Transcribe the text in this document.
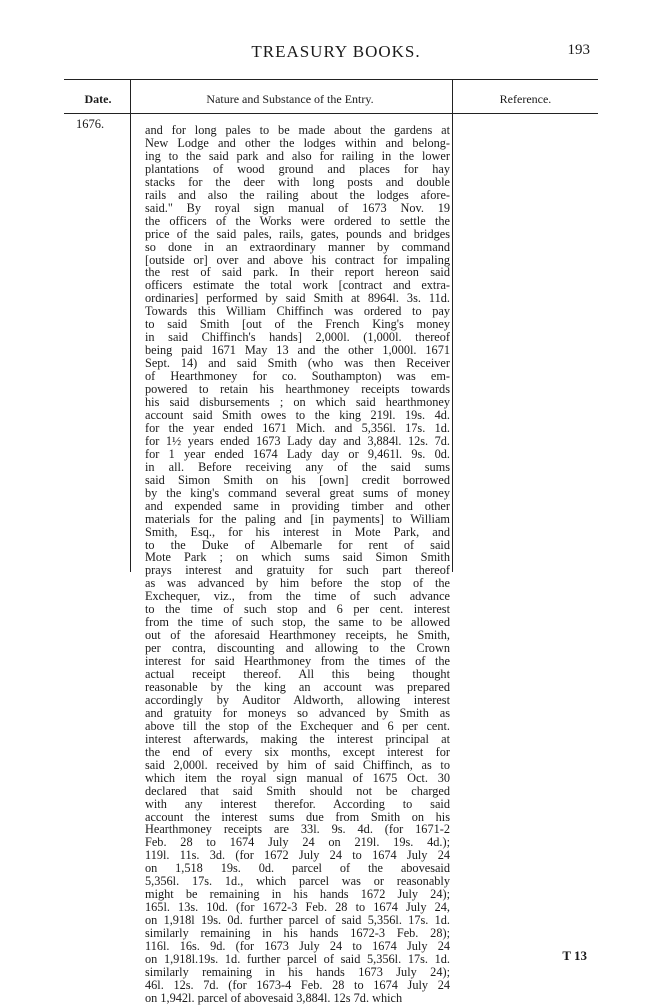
TREASURY BOOKS.	193
Date.	Nature and Substance of the Entry.	Reference.
1676.	and for long pales to be made about the gardens at
New Lodge and other the lodges within and belong-
ing to the said park and also for railing in the lower
plantations of wood ground and places for hay
stacks for the deer with long posts and double
rails and also the railing about the lodges afore-
said." By royal sign manual of 1673 Nov. 19
the officers of the Works were ordered to settle the
price of the said pales, rails, gates, pounds and bridges
so done in an extraordinary manner by command
[outside or] over and above his contract for impaling
the rest of said park. In their report hereon said
officers estimate the total work [contract and extra-
ordinaries] performed by said Smith at 8964l. 3s. 11d.
Towards this William Chiffinch was ordered to pay
to said Smith [out of the French King's money
in said Chiffinch's hands] 2,000l. (1,000l. thereof
being paid 1671 May 13 and the other 1,000l. 1671
Sept. 14) and said Smith (who was then Receiver
of Hearthmoney for co. Southampton) was em-
powered to retain his hearthmoney receipts towards
his said disbursements ; on which said hearthmoney
account said Smith owes to the king 219l. 19s. 4d.
for the year ended 1671 Mich. and 5,356l. 17s. 1d.
for 1½ years ended 1673 Lady day and 3,884l. 12s. 7d.
for 1 year ended 1674 Lady day or 9,461l. 9s. 0d.
in all. Before receiving any of the said sums
said Simon Smith on his [own] credit borrowed
by the king's command several great sums of money
and expended same in providing timber and other
materials for the paling and [in payments] to William
Smith, Esq., for his interest in Mote Park, and
to the Duke of Albemarle for rent of said
Mote Park ; on which sums said Simon Smith
prays interest and gratuity for such part thereof
as was advanced by him before the stop of the
Exchequer, viz., from the time of such advance
to the time of such stop and 6 per cent. interest
from the time of such stop, the same to be allowed
out of the aforesaid Hearthmoney receipts, he Smith,
per contra, discounting and allowing to the Crown
interest for said Hearthmoney from the times of the
actual receipt thereof. All this being thought
reasonable by the king an account was prepared
accordingly by Auditor Aldworth, allowing interest
and gratuity for moneys so advanced by Smith as
above till the stop of the Exchequer and 6 per cent.
interest afterwards, making the interest principal at
the end of every six months, except interest for
said 2,000l. received by him of said Chiffinch, as to
which item the royal sign manual of 1675 Oct. 30
declared that said Smith should not be charged
with any interest therefor. According to said
account the interest sums due from Smith on his
Hearthmoney receipts are 33l. 9s. 4d. (for 1671-2
Feb. 28 to 1674 July 24 on 219l. 19s. 4d.);
119l. 11s. 3d. (for 1672 July 24 to 1674 July 24
on 1,518 19s. 0d. parcel of the abovesaid
5,356l. 17s. 1d., which parcel was or reasonably
might be remaining in his hands 1672 July 24);
165l. 13s. 10d. (for 1672-3 Feb. 28 to 1674 July 24,
on 1,918l 19s. 0d. further parcel of said 5,356l. 17s. 1d.
similarly remaining in his hands 1672-3 Feb. 28);
116l. 16s. 9d. (for 1673 July 24 to 1674 July 24
on 1,918l.19s. 1d. further parcel of said 5,356l. 17s. 1d.
similarly remaining in his hands 1673 July 24);
46l. 12s. 7d. (for 1673-4 Feb. 28 to 1674 July 24
on 1,942l. parcel of abovesaid 3,884l. 12s 7d. which
T 13
